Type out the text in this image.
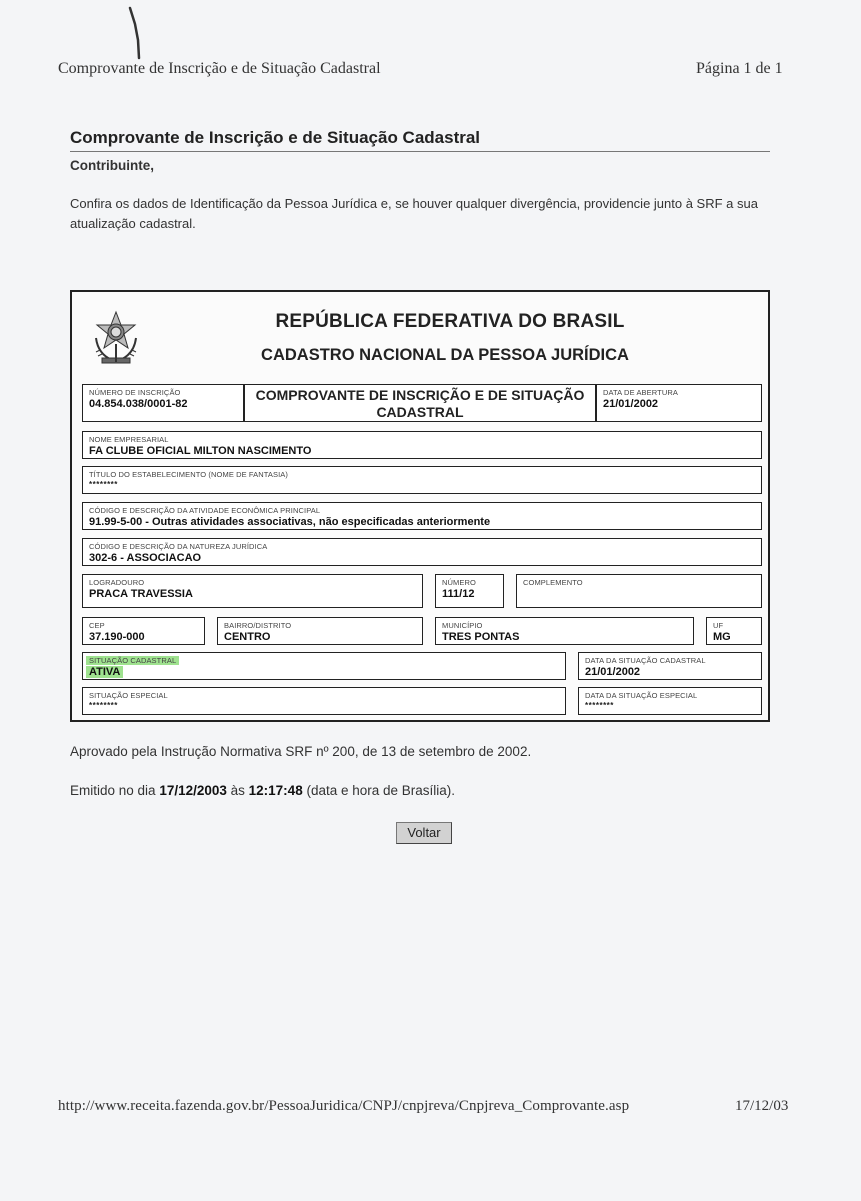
Comprovante de Inscrição e de Situação Cadastral	Página 1 de 1
Comprovante de Inscrição e de Situação Cadastral
Contribuinte,
Confira os dados de Identificação da Pessoa Jurídica e, se houver qualquer divergência, providencie junto à SRF a sua atualização cadastral.
REPÚBLICA FEDERATIVA DO BRASIL
CADASTRO NACIONAL DA PESSOA JURÍDICA
NÚMERO DE INSCRIÇÃO
04.854.038/0001-82
COMPROVANTE DE INSCRIÇÃO E DE SITUAÇÃO
CADASTRAL
DATA DE ABERTURA
21/01/2002
NOME EMPRESARIAL
FA CLUBE OFICIAL MILTON NASCIMENTO
TÍTULO DO ESTABELECIMENTO (NOME DE FANTASIA)
********
CÓDIGO E DESCRIÇÃO DA ATIVIDADE ECONÔMICA PRINCIPAL
91.99-5-00 - Outras atividades associativas, não especificadas anteriormente
CÓDIGO E DESCRIÇÃO DA NATUREZA JURÍDICA
302-6 - ASSOCIACAO
LOGRADOURO
PRACA TRAVESSIA
NÚMERO
111/12
COMPLEMENTO
CEP
37.190-000
BAIRRO/DISTRITO
CENTRO
MUNICÍPIO
TRES PONTAS
UF
MG
SITUAÇÃO CADASTRAL
ATIVA
DATA DA SITUAÇÃO CADASTRAL
21/01/2002
SITUAÇÃO ESPECIAL
********
DATA DA SITUAÇÃO ESPECIAL
********
Aprovado pela Instrução Normativa SRF nº 200, de 13 de setembro de 2002.
Emitido no dia 17/12/2003 às 12:17:48 (data e hora de Brasília).
Voltar
http://www.receita.fazenda.gov.br/PessoaJuridica/CNPJ/cnpjreva/Cnpjreva_Comprovante.asp	17/12/03
